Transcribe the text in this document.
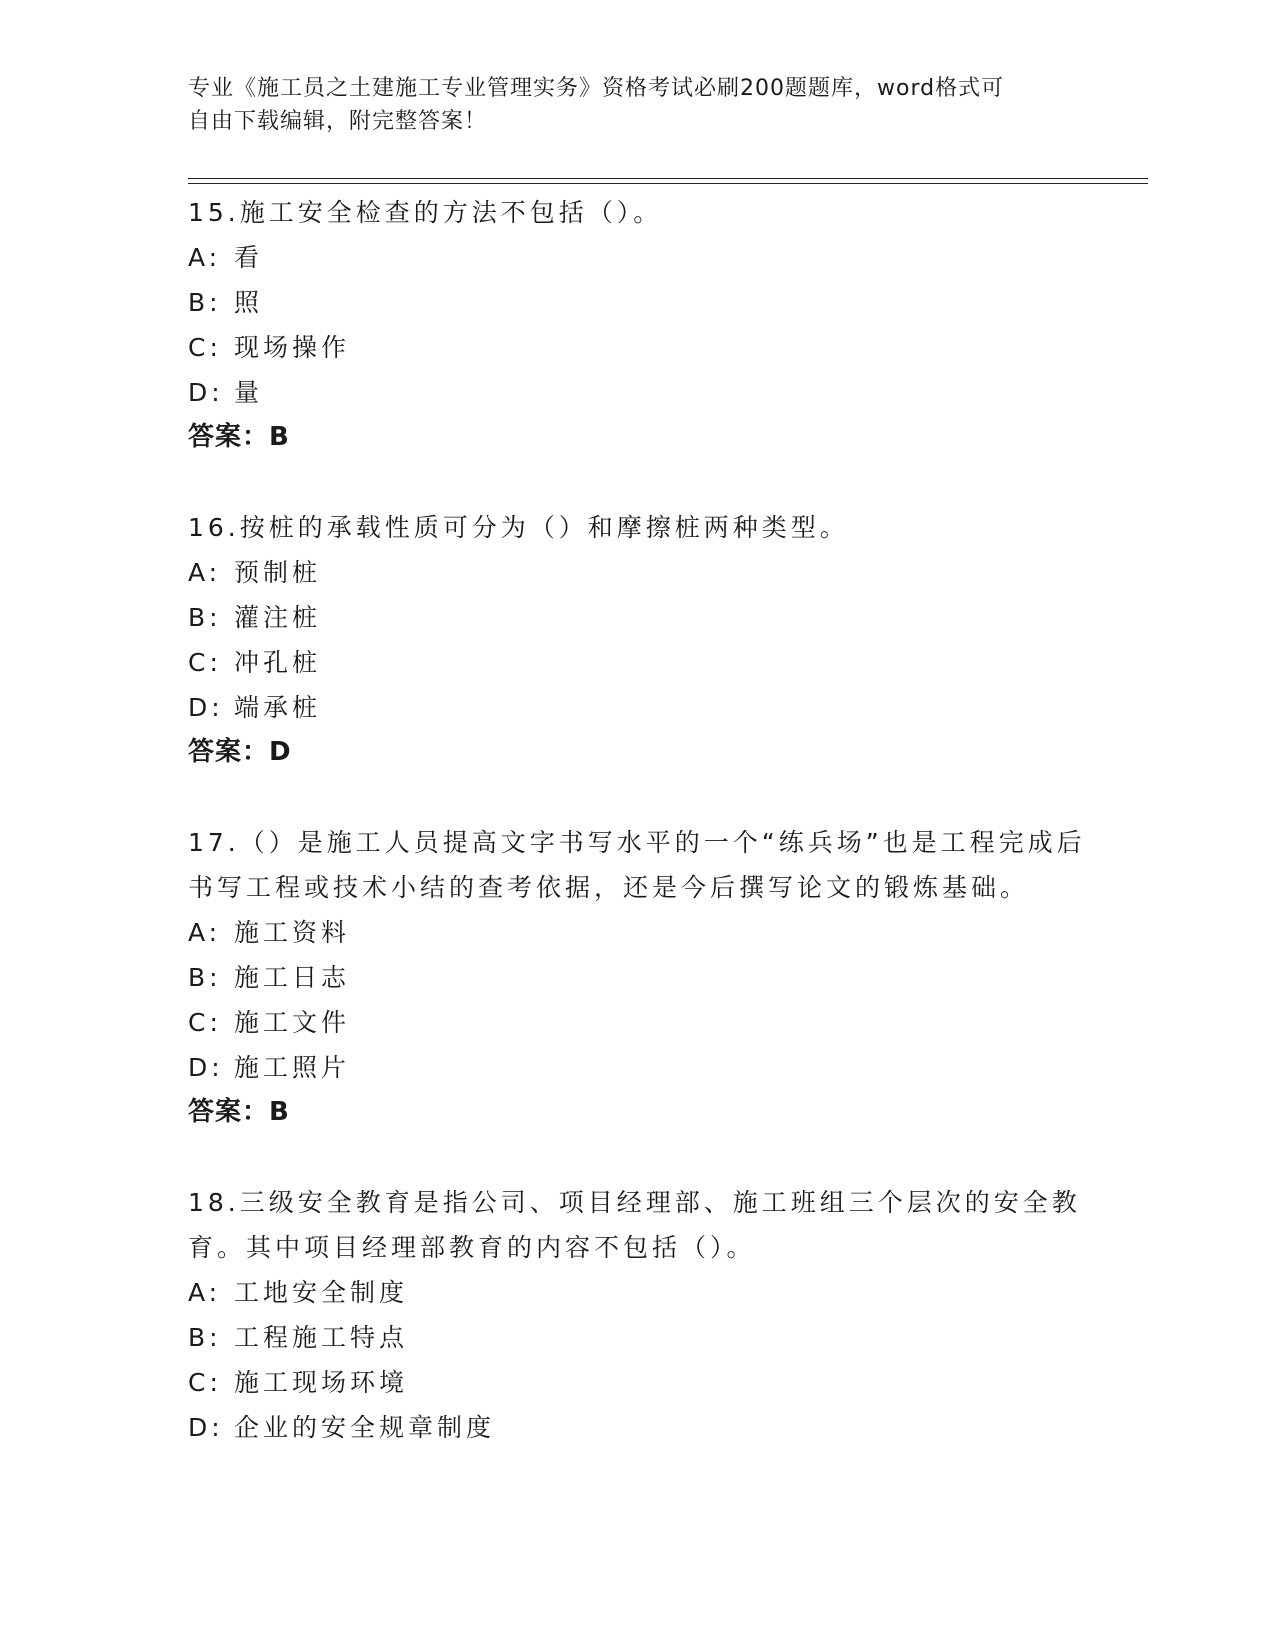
专业《施工员之土建施工专业管理实务》资格考试必刷200题题库，word格式可
自由下载编辑，附完整答案！
15.施工安全检查的方法不包括（）。
A: 看
B: 照
C: 现场操作
D: 量
答案：B
16.按桩的承载性质可分为（）和摩擦桩两种类型。
A: 预制桩
B: 灌注桩
C: 冲孔桩
D: 端承桩
答案：D
17.（）是施工人员提高文字书写水平的一个“练兵场”也是工程完成后书写工程或技术小结的查考依据，还是今后撰写论文的锻炼基础。
A: 施工资料
B: 施工日志
C: 施工文件
D: 施工照片
答案：B
18.三级安全教育是指公司、项目经理部、施工班组三个层次的安全教育。其中项目经理部教育的内容不包括（）。
A: 工地安全制度
B: 工程施工特点
C: 施工现场环境
D: 企业的安全规章制度
